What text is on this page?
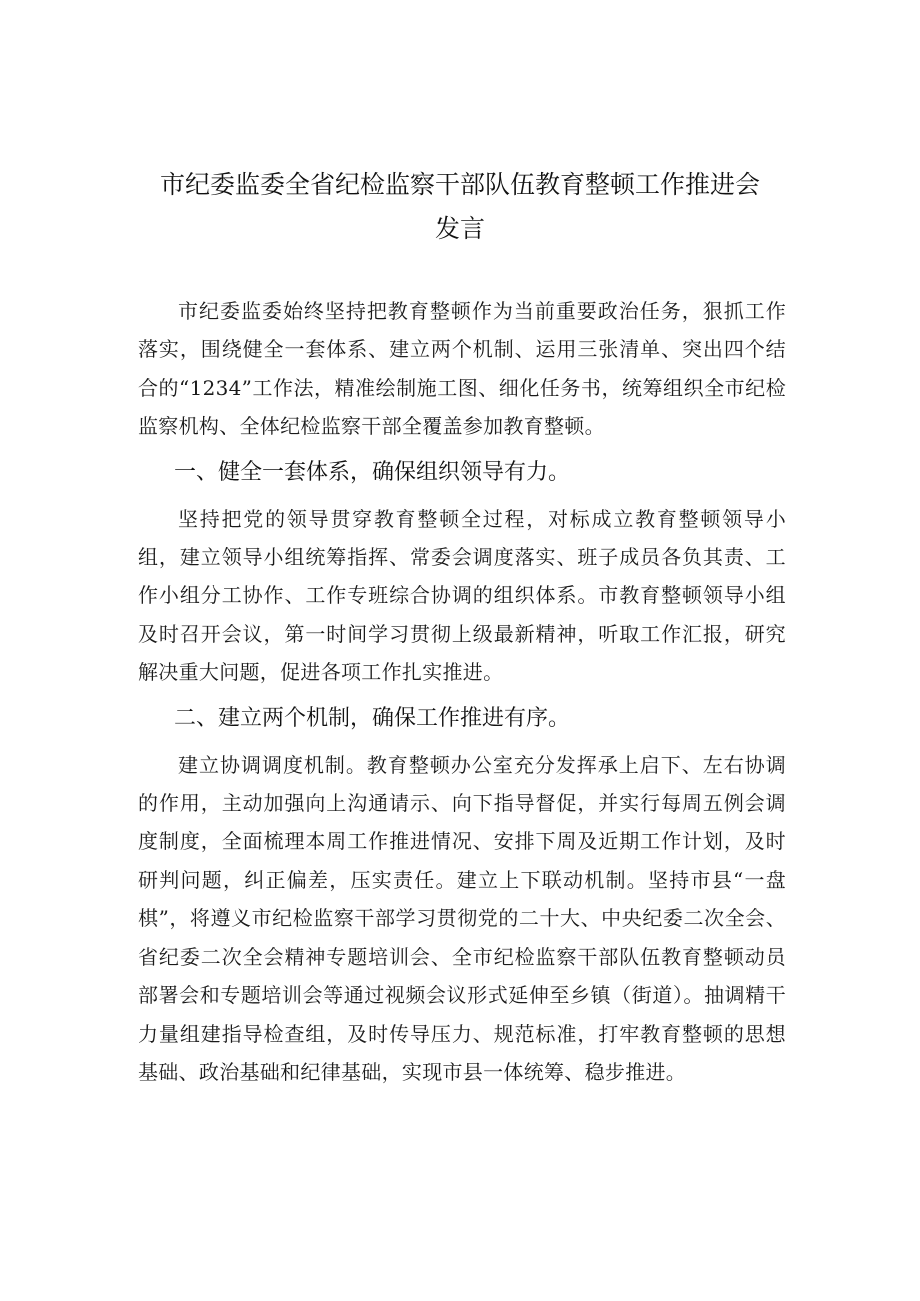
市纪委监委全省纪检监察干部队伍教育整顿工作推进会
发言

市纪委监委始终坚持把教育整顿作为当前重要政治任务，狠抓工作落实，围绕健全一套体系、建立两个机制、运用三张清单、突出四个结合的“1234”工作法，精准绘制施工图、细化任务书，统筹组织全市纪检监察机构、全体纪检监察干部全覆盖参加教育整顿。

一、健全一套体系，确保组织领导有力。

坚持把党的领导贯穿教育整顿全过程，对标成立教育整顿领导小组，建立领导小组统筹指挥、常委会调度落实、班子成员各负其责、工作小组分工协作、工作专班综合协调的组织体系。市教育整顿领导小组及时召开会议，第一时间学习贯彻上级最新精神，听取工作汇报，研究解决重大问题，促进各项工作扎实推进。

二、建立两个机制，确保工作推进有序。

建立协调调度机制。教育整顿办公室充分发挥承上启下、左右协调的作用，主动加强向上沟通请示、向下指导督促，并实行每周五例会调度制度，全面梳理本周工作推进情况、安排下周及近期工作计划，及时研判问题，纠正偏差，压实责任。建立上下联动机制。坚持市县“一盘棋”，将遵义市纪检监察干部学习贯彻党的二十大、中央纪委二次全会、省纪委二次全会精神专题培训会、全市纪检监察干部队伍教育整顿动员部署会和专题培训会等通过视频会议形式延伸至乡镇（街道）。抽调精干力量组建指导检查组，及时传导压力、规范标准，打牢教育整顿的思想基础、政治基础和纪律基础，实现市县一体统筹、稳步推进。
